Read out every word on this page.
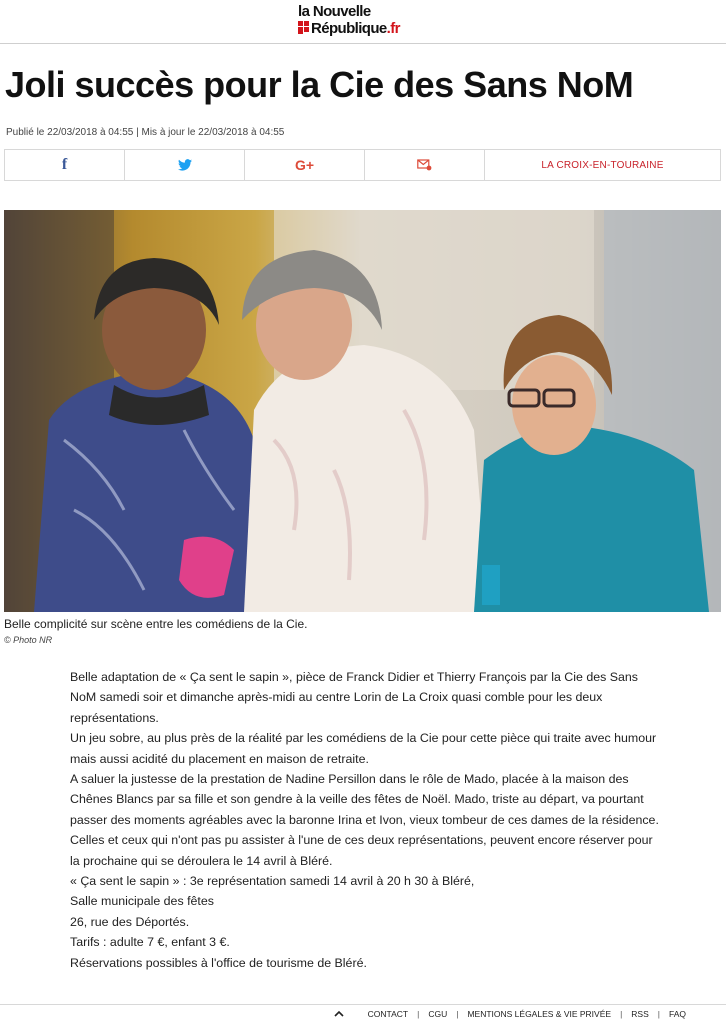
la Nouvelle
République.fr
Joli succès pour la Cie des Sans NoM
Publié le 22/03/2018 à 04:55 | Mis à jour le 22/03/2018 à 04:55
f	G+	LA CROIX-EN-TOURAINE
Belle complicité sur scène entre les comédiens de la Cie.
© Photo NR

Belle adaptation de « Ça sent le sapin », pièce de Franck Didier et Thierry François par la Cie des Sans NoM samedi soir et dimanche après-midi au centre Lorin de La Croix quasi comble pour les deux représentations.

Un jeu sobre, au plus près de la réalité par les comédiens de la Cie pour cette pièce qui traite avec humour mais aussi acidité du placement en maison de retraite.

A saluer la justesse de la prestation de Nadine Persillon dans le rôle de Mado, placée à la maison des Chênes Blancs par sa fille et son gendre à la veille des fêtes de Noël. Mado, triste au départ, va pourtant passer des moments agréables avec la baronne Irina et Ivon, vieux tombeur de ces dames de la résidence.

Celles et ceux qui n'ont pas pu assister à l'une de ces deux représentations, peuvent encore réserver pour la prochaine qui se déroulera le 14 avril à Bléré.

« Ça sent le sapin » : 3e représentation samedi 14 avril à 20 h 30 à Bléré,

Salle municipale des fêtes

26, rue des Déportés.

Tarifs : adulte 7 €, enfant 3 €.

Réservations possibles à l'office de tourisme de Bléré.

CONTACT | CGU | MENTIONS LÉGALES & VIE PRIVÉE | RSS | FAQ
